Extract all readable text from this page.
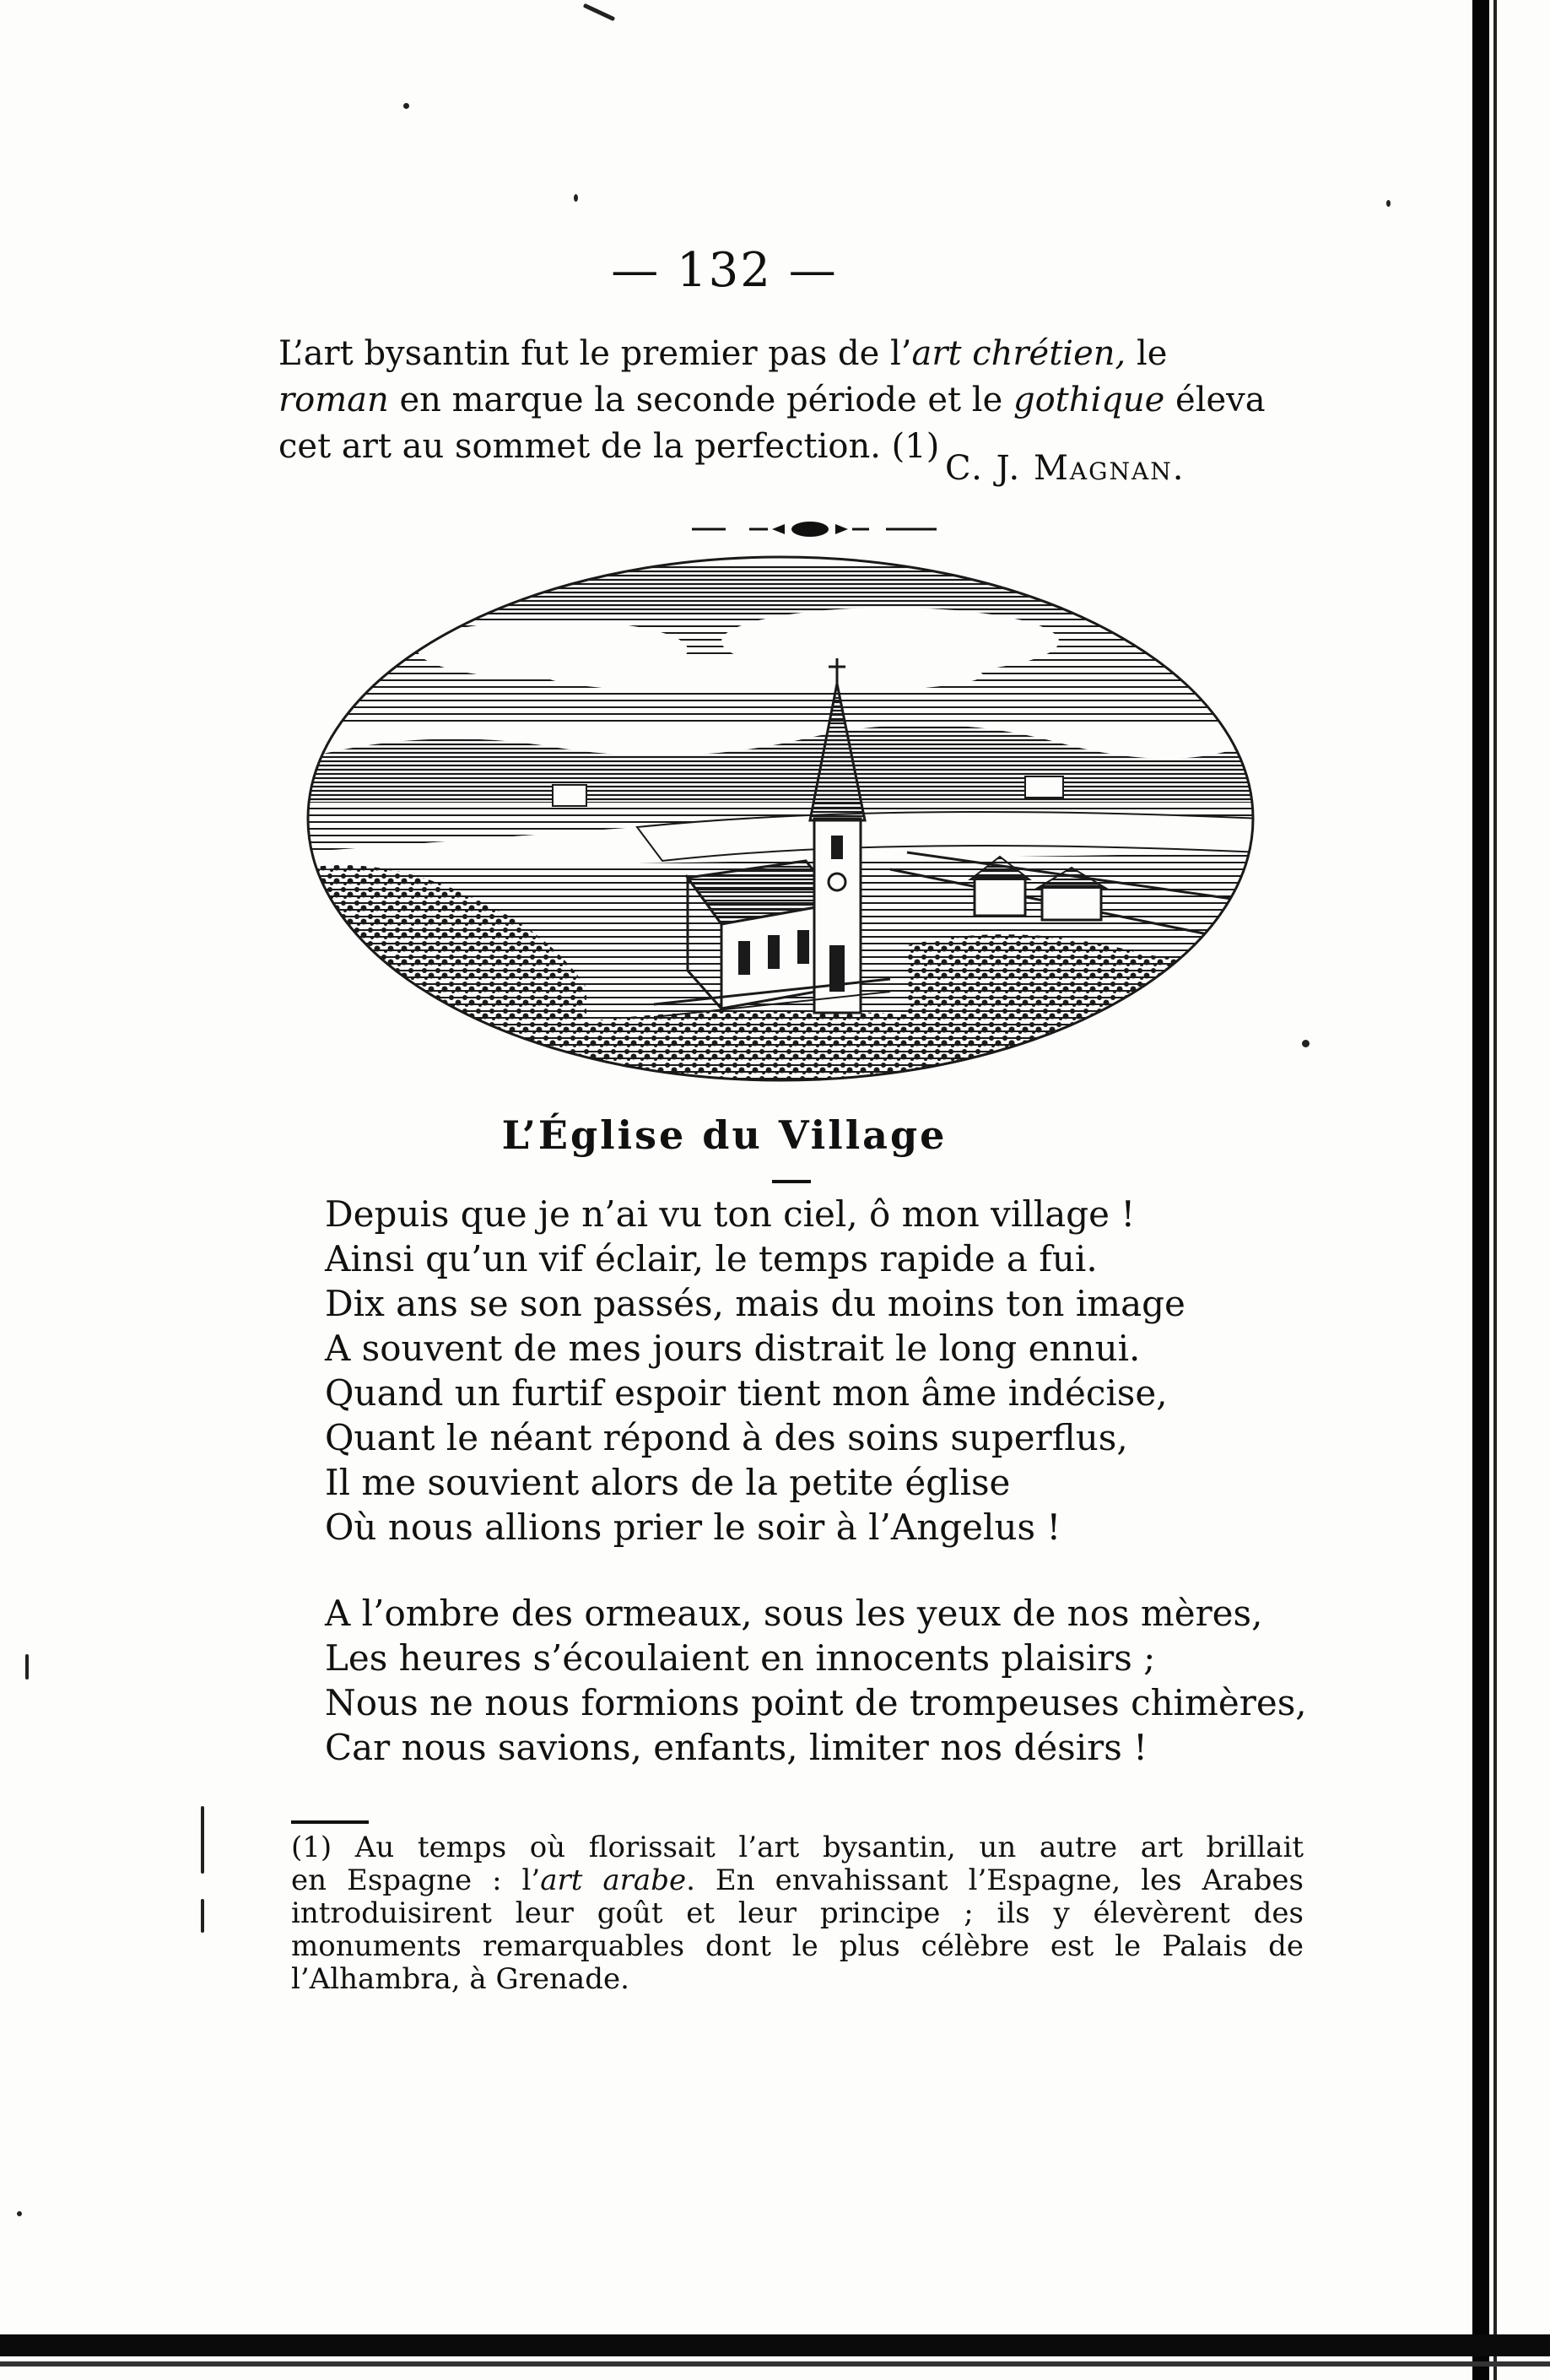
— 132 —
L’art bysantin fut le premier pas de l’art chrétien, le
roman en marque la seconde période et le gothique éleva
cet art au sommet de la perfection. (1)
C. J. Magnan.
L’Église du Village
Depuis que je n’ai vu ton ciel, ô mon village !
Ainsi qu’un vif éclair, le temps rapide a fui.
Dix ans se son passés, mais du moins ton image
A souvent de mes jours distrait le long ennui.
Quand un furtif espoir tient mon âme indécise,
Quant le néant répond à des soins superflus,
Il me souvient alors de la petite église
Où nous allions prier le soir à l’Angelus !
A l’ombre des ormeaux, sous les yeux de nos mères,
Les heures s’écoulaient en innocents plaisirs ;
Nous ne nous formions point de trompeuses chimères,
Car nous savions, enfants, limiter nos désirs !
(1) Au temps où florissait l’art bysantin, un autre art brillait
en Espagne : l’art arabe. En envahissant l’Espagne, les Arabes
introduisirent leur goût et leur principe ; ils y élevèrent des
monuments remarquables dont le plus célèbre est le Palais de
l’Alhambra, à Grenade.
